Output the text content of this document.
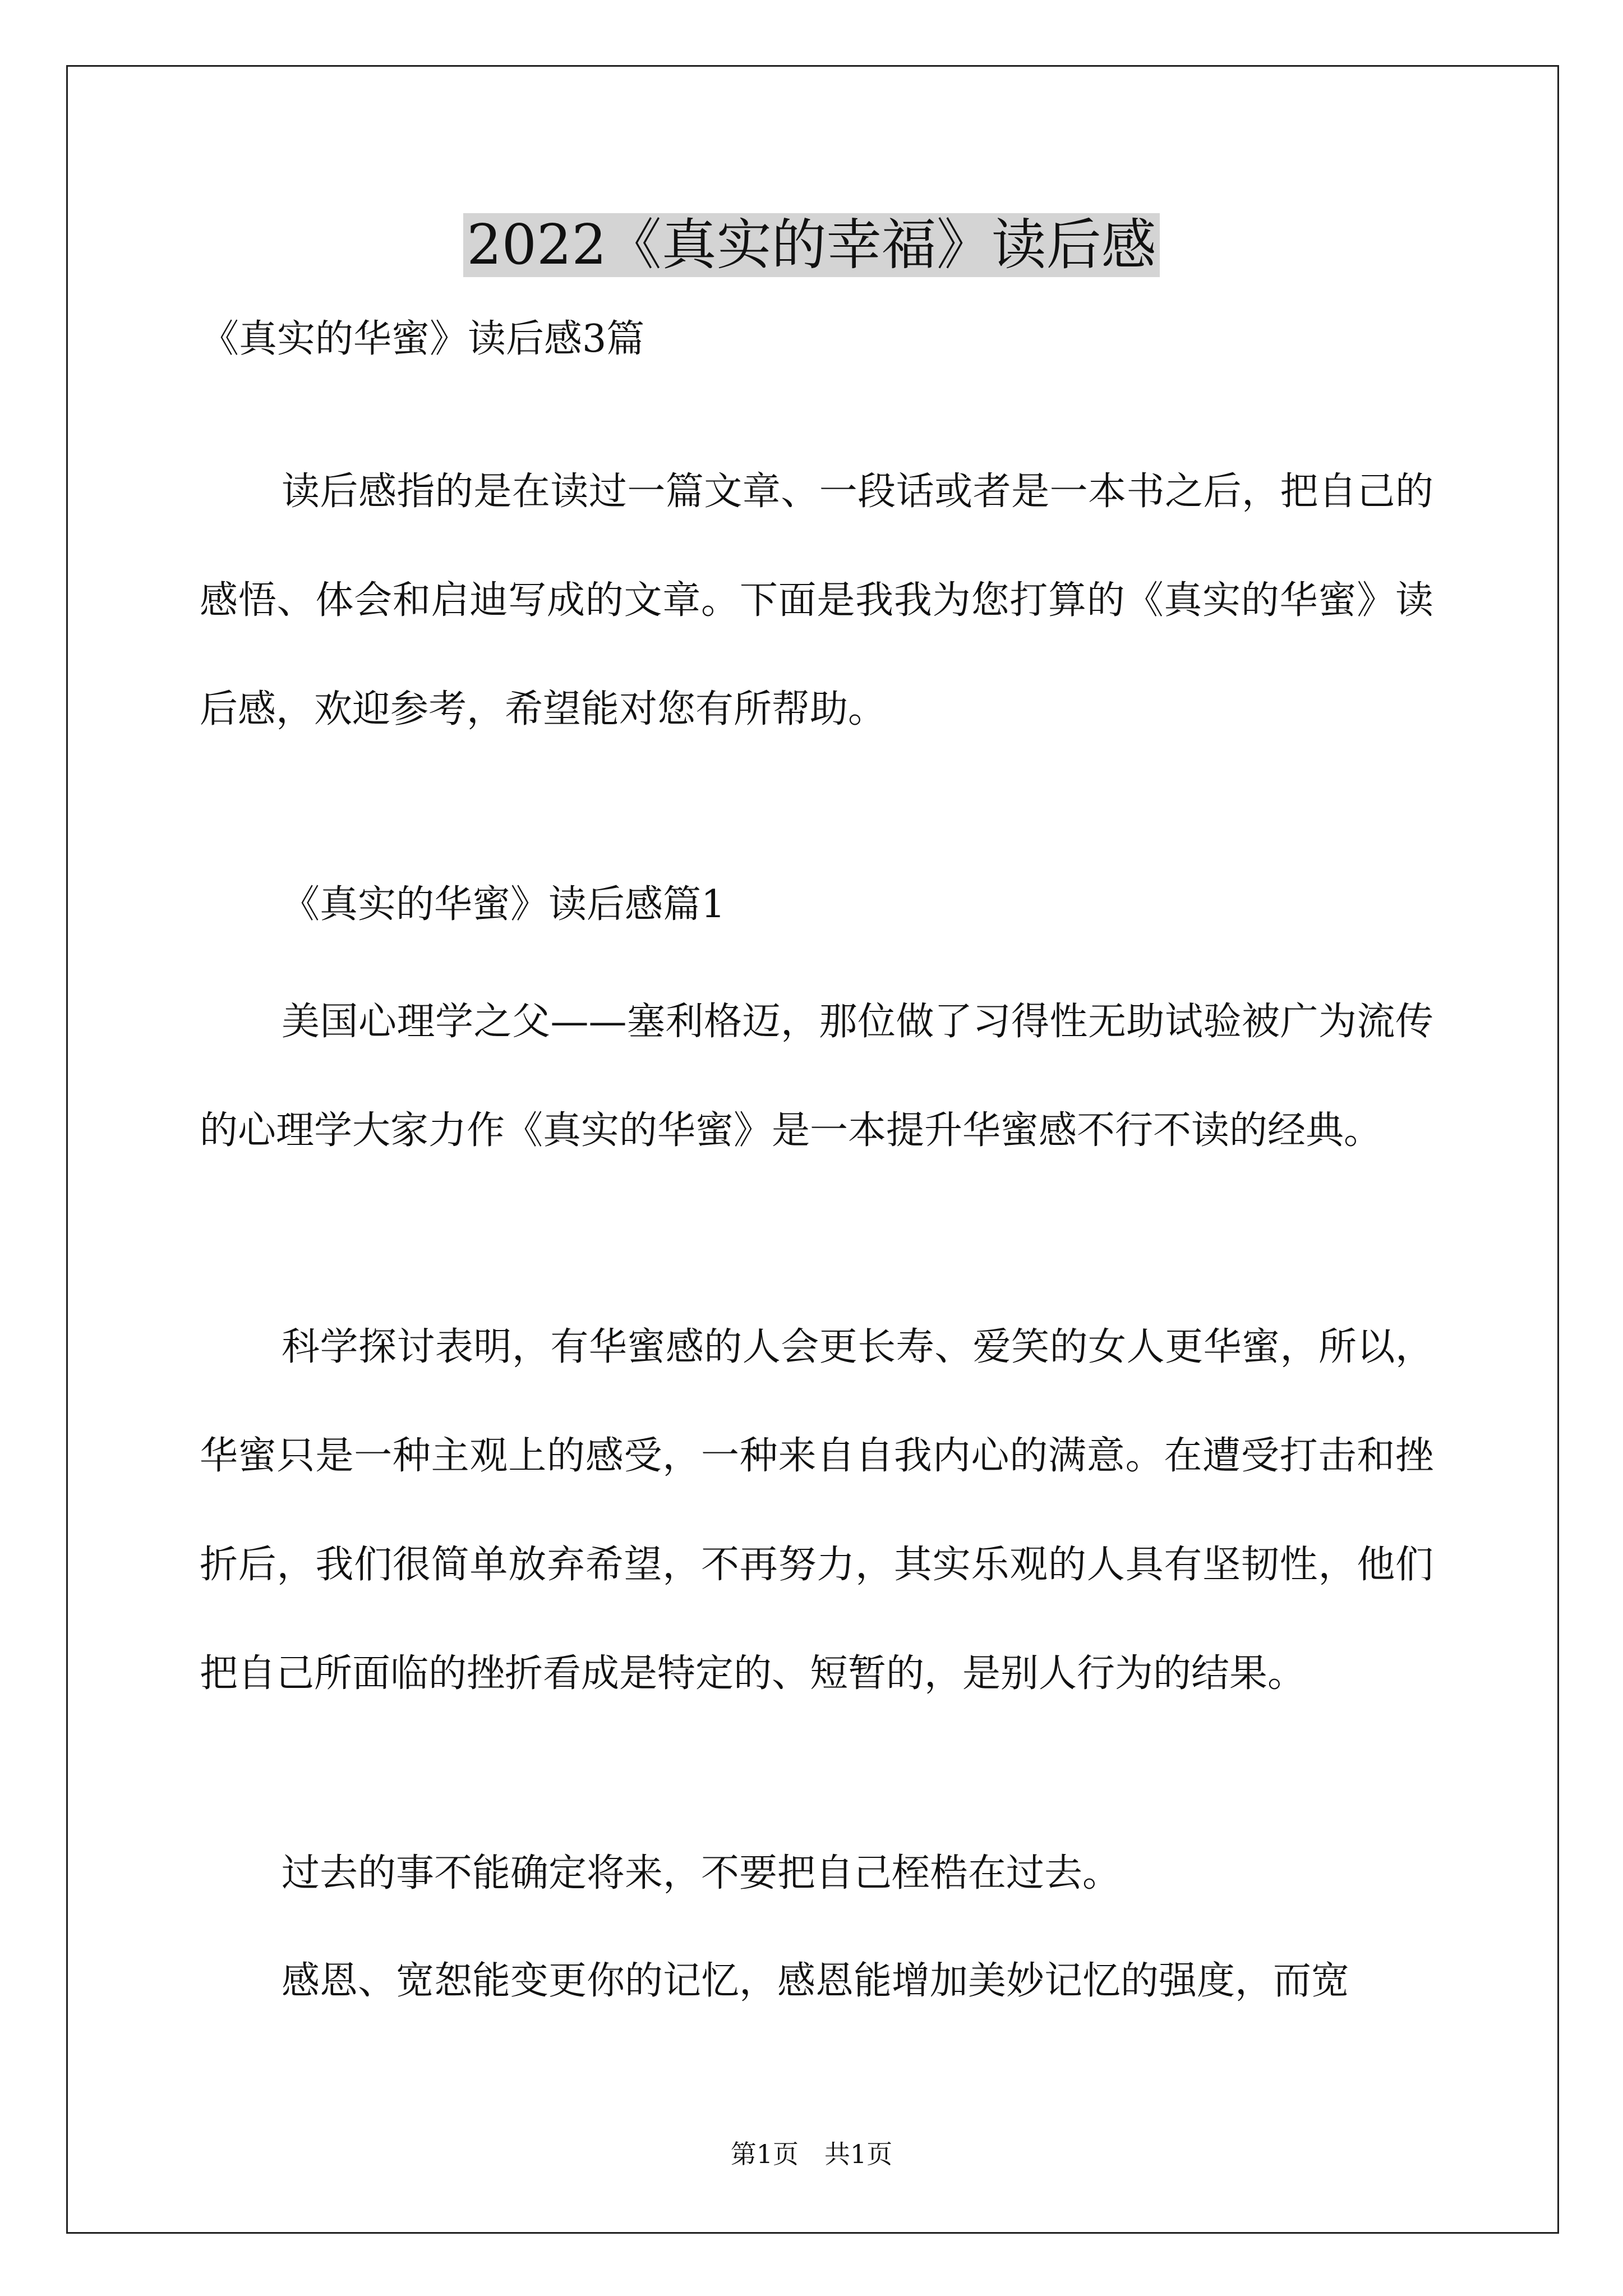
2022《真实的幸福》读后感
《真实的华蜜》读后感3篇
读后感指的是在读过一篇文章、一段话或者是一本书之后，把自己的感悟、体会和启迪写成的文章。下面是我我为您打算的《真实的华蜜》读后感，欢迎参考，希望能对您有所帮助。
《真实的华蜜》读后感篇1
美国心理学之父——塞利格迈，那位做了习得性无助试验被广为流传的心理学大家力作《真实的华蜜》是一本提升华蜜感不行不读的经典。
科学探讨表明，有华蜜感的人会更长寿、爱笑的女人更华蜜，所以，华蜜只是一种主观上的感受，一种来自自我内心的满意。在遭受打击和挫折后，我们很简单放弃希望，不再努力，其实乐观的人具有坚韧性，他们把自己所面临的挫折看成是特定的、短暂的，是别人行为的结果。
过去的事不能确定将来，不要把自己桎梏在过去。
感恩、宽恕能变更你的记忆，感恩能增加美妙记忆的强度，而宽
第1页　共1页
